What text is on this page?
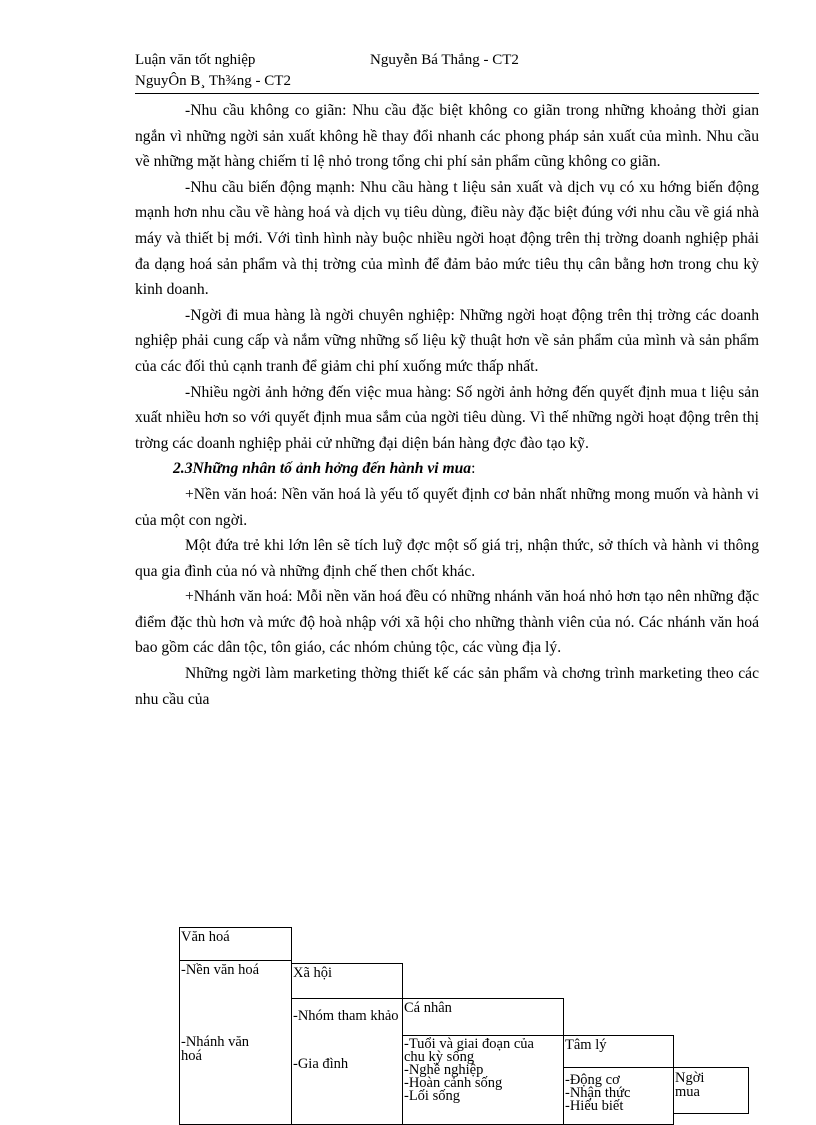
Luận văn tốt nghiệp	Nguyễn Bá Thắng - CT2
NguyÔn B¸ Th¾ng - CT2

-Nhu cầu không co giãn: Nhu cầu đặc biệt không co giãn trong những khoảng thời gian ngắn vì những ngời sản xuất không hề thay đổi nhanh các phong pháp sản xuất của mình. Nhu cầu về những mặt hàng chiếm tỉ lệ nhỏ trong tổng chi phí sản phẩm cũng không co giãn.

-Nhu cầu biến động mạnh: Nhu cầu hàng t liệu sản xuất và dịch vụ có xu hớng biến động mạnh hơn nhu cầu về hàng hoá và dịch vụ tiêu dùng, điều này đặc biệt đúng với nhu cầu về giá nhà máy và thiết bị mới. Với tình hình này buộc nhiều ngời hoạt động trên thị trờng doanh nghiệp phải đa dạng hoá sản phẩm và thị trờng của mình để đảm bảo mức tiêu thụ cân bằng hơn trong chu kỳ kinh doanh.

-Ngời đi mua hàng là ngời chuyên nghiệp: Những ngời hoạt động trên thị trờng các doanh nghiệp phải cung cấp và nắm vững những số liệu kỹ thuật hơn về sản phẩm của mình và sản phẩm của các đối thủ cạnh tranh để giảm chi phí xuống mức thấp nhất.

-Nhiều ngời ảnh hởng đến việc mua hàng: Số ngời ảnh hởng đến quyết định mua t liệu sản xuất nhiều hơn so với quyết định mua sắm của ngời tiêu dùng. Vì thế những ngời hoạt động trên thị trờng các doanh nghiệp phải cử những đại diện bán hàng đợc đào tạo kỹ.

2.3Những nhân tố ảnh hởng đến hành vi mua:

+Nền văn hoá: Nền văn hoá là yếu tố quyết định cơ bản nhất những mong muốn và hành vi của một con ngời.

Một đứa trẻ khi lớn lên sẽ tích luỹ đợc một số giá trị, nhận thức, sở thích và hành vi thông qua gia đình của nó và những định chế then chốt khác.

+Nhánh văn hoá: Mỗi nền văn hoá đều có những nhánh văn hoá nhỏ hơn tạo nên những đặc điểm đặc thù hơn và mức độ hoà nhập với xã hội cho những thành viên của nó. Các nhánh văn hoá bao gồm các dân tộc, tôn giáo, các nhóm chủng tộc, các vùng địa lý.

Những ngời làm marketing thờng thiết kế các sản phẩm và chơng trình marketing theo các nhu cầu của

Văn hoá
-Nền văn hoá
-Nhánh văn hoá
Xã hội
-Nhóm tham khảo
-Gia đình
Cá nhân
-Tuổi và giai đoạn của chu kỳ sống
-Nghề nghiệp
-Hoàn cảnh sống
-Lối sống
Tâm lý
-Động cơ
-Nhận thức
-Hiểu biết
Ngời mua
